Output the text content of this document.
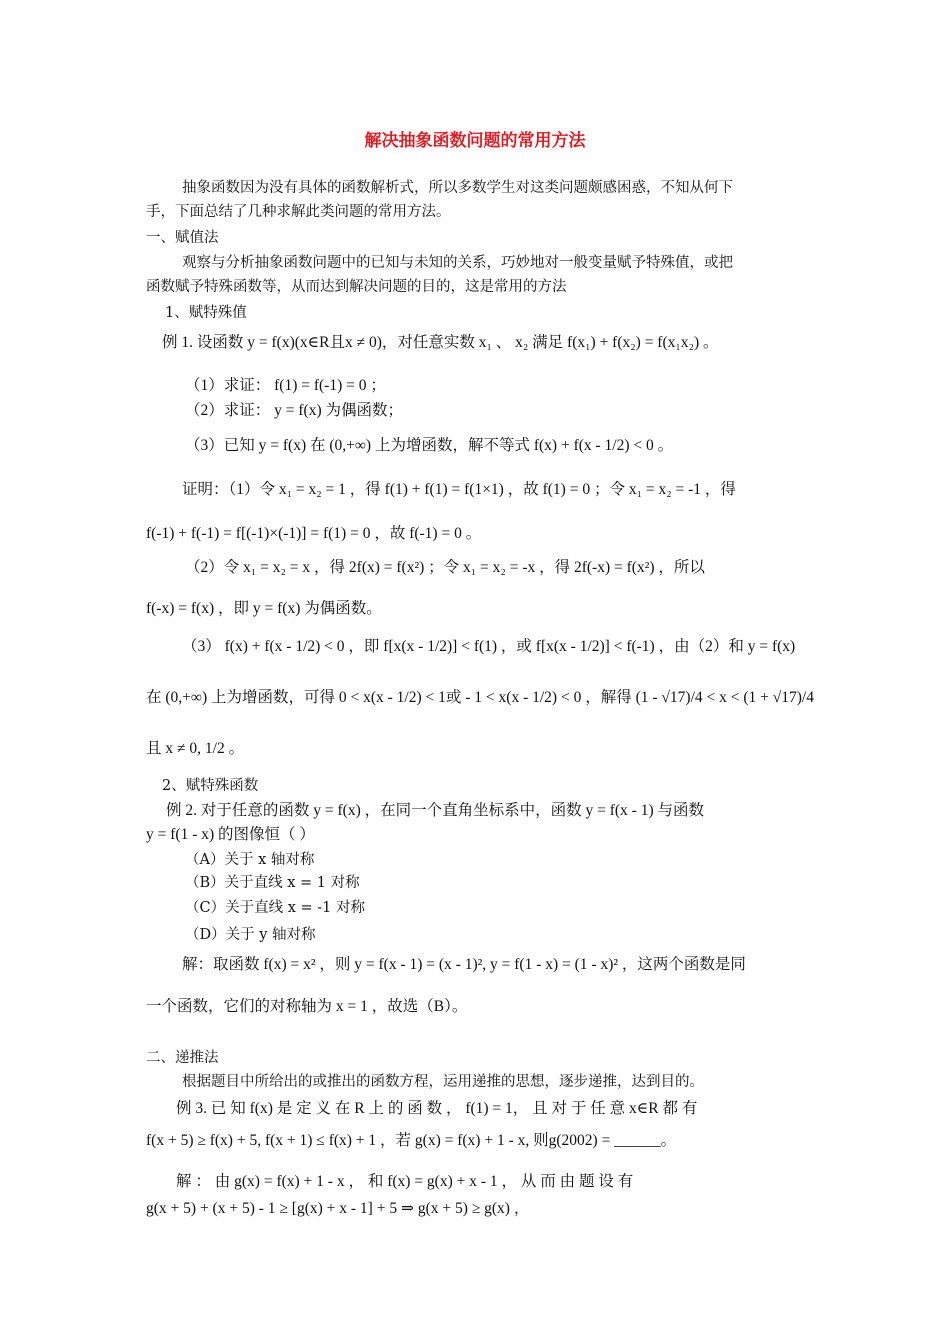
解决抽象函数问题的常用方法
抽象函数因为没有具体的函数解析式，所以多数学生对这类问题颇感困惑，不知从何下
手，下面总结了几种求解此类问题的常用方法。
一、赋值法
观察与分析抽象函数问题中的已知与未知的关系，巧妙地对一般变量赋予特殊值，或把
函数赋予特殊函数等，从而达到解决问题的目的，这是常用的方法
1、赋特殊值
例 1. 设函数 y = f(x)(x∈R且x ≠ 0)，对任意实数 x₁ 、 x₂ 满足 f(x₁) + f(x₂) = f(x₁x₂) 。
（1）求证： f(1) = f(-1) = 0 ；
（2）求证： y = f(x) 为偶函数；
（3）已知 y = f(x) 在 (0,+∞) 上为增函数，解不等式 f(x) + f(x - 1/2) < 0 。
证明：（1）令 x₁ = x₂ = 1 ，得 f(1) + f(1) = f(1×1) ，故 f(1) = 0 ；令 x₁ = x₂ = -1 ，得
f(-1) + f(-1) = f[(-1)×(-1)] = f(1) = 0 ，故 f(-1) = 0 。
（2）令 x₁ = x₂ = x ，得 2f(x) = f(x²) ；令 x₁ = x₂ = -x ，得 2f(-x) = f(x²) ，所以
f(-x) = f(x) ，即 y = f(x) 为偶函数。
（3） f(x) + f(x - 1/2) < 0 ，即 f[x(x - 1/2)] < f(1) ，或 f[x(x - 1/2)] < f(-1) ，由（2）和 y = f(x)
在 (0,+∞) 上为增函数，可得 0 < x(x - 1/2) < 1或 - 1 < x(x - 1/2) < 0 ，解得 (1 - √17)/4 < x < (1 + √17)/4
且 x ≠ 0, 1/2 。
2、赋特殊函数
例 2. 对于任意的函数 y = f(x) ，在同一个直角坐标系中，函数 y = f(x - 1) 与函数
y = f(1 - x) 的图像恒（ ）
（A）关于 x 轴对称
（B）关于直线 x = 1 对称
（C）关于直线 x = -1 对称
（D）关于 y 轴对称
解：取函数 f(x) = x² ，则 y = f(x - 1) = (x - 1)², y = f(1 - x) = (1 - x)² ，这两个函数是同
一个函数，它们的对称轴为 x = 1 ，故选（B）。
二、递推法
根据题目中所给出的或推出的函数方程，运用递推的思想，逐步递推，达到目的。
例 3. 已 知 f(x) 是 定 义 在 R 上 的 函 数 ， f(1) = 1， 且 对 于 任 意 x∈R 都 有
f(x + 5) ≥ f(x) + 5, f(x + 1) ≤ f(x) + 1 ，若 g(x) = f(x) + 1 - x, 则g(2002) = ______。
解 ： 由 g(x) = f(x) + 1 - x ， 和 f(x) = g(x) + x - 1 ， 从 而 由 题 设 有
g(x + 5) + (x + 5) - 1 ≥ [g(x) + x - 1] + 5 ⇒ g(x + 5) ≥ g(x) ，
